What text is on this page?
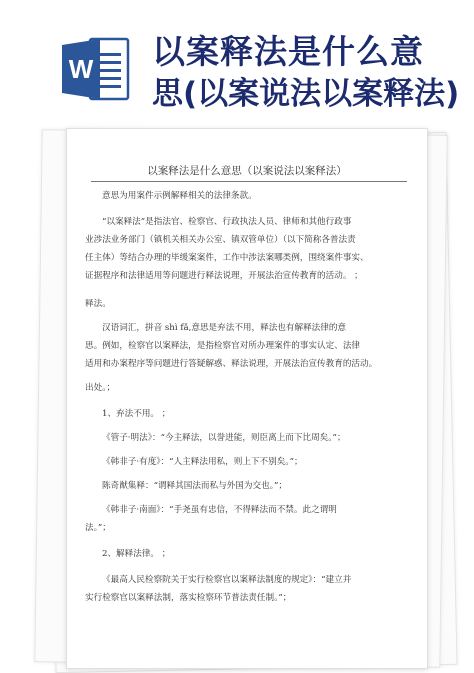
W 以案释法是什么意
思(以案说法以案释法)
以案释法是什么意思（以案说法以案释法）
意思为用案件示例解释相关的法律条款。
“以案释法”是指法官、检察官、行政执法人员、律师和其他行政事
业涉法业务部门（镇机关相关办公室、镇双管单位）（以下简称各普法责
任主体）等结合办理的毕缓案案件，工作中涉法案哪类例，围绕案件事实、
证据程序和法律适用等问题进行释法说理，开展法治宣传教育的活动。 ；
释法。
汉语词汇，拼音 shì fǎ,意思是弃法不用，释法也有解释法律的意
思。例如，检察官以案释法，是指检察官对所办理案件的事实认定、法律
适用和办案程序等问题进行答疑解惑、释法说理，开展法治宣传教育的活动。
出处。；
1、弃法不用。 ；
《管子·明法》：“今主释法，以誉进能，则臣离上而下比周矣。”；
《韩非子·有度》：“人主释法用私，则上下不别矣。”；
陈奇猷集释：“谓释其国法而私与外国为交也。”；
《韩非子·南面》：“手尧虽有忠信，不得释法而不禁。此之谓明
法。”；
2、解释法律。 ；
《最高人民检察院关于实行检察官以案释法制度的规定》：“建立并
实行检察官以案释法制，落实检察环节普法责任制。”；
